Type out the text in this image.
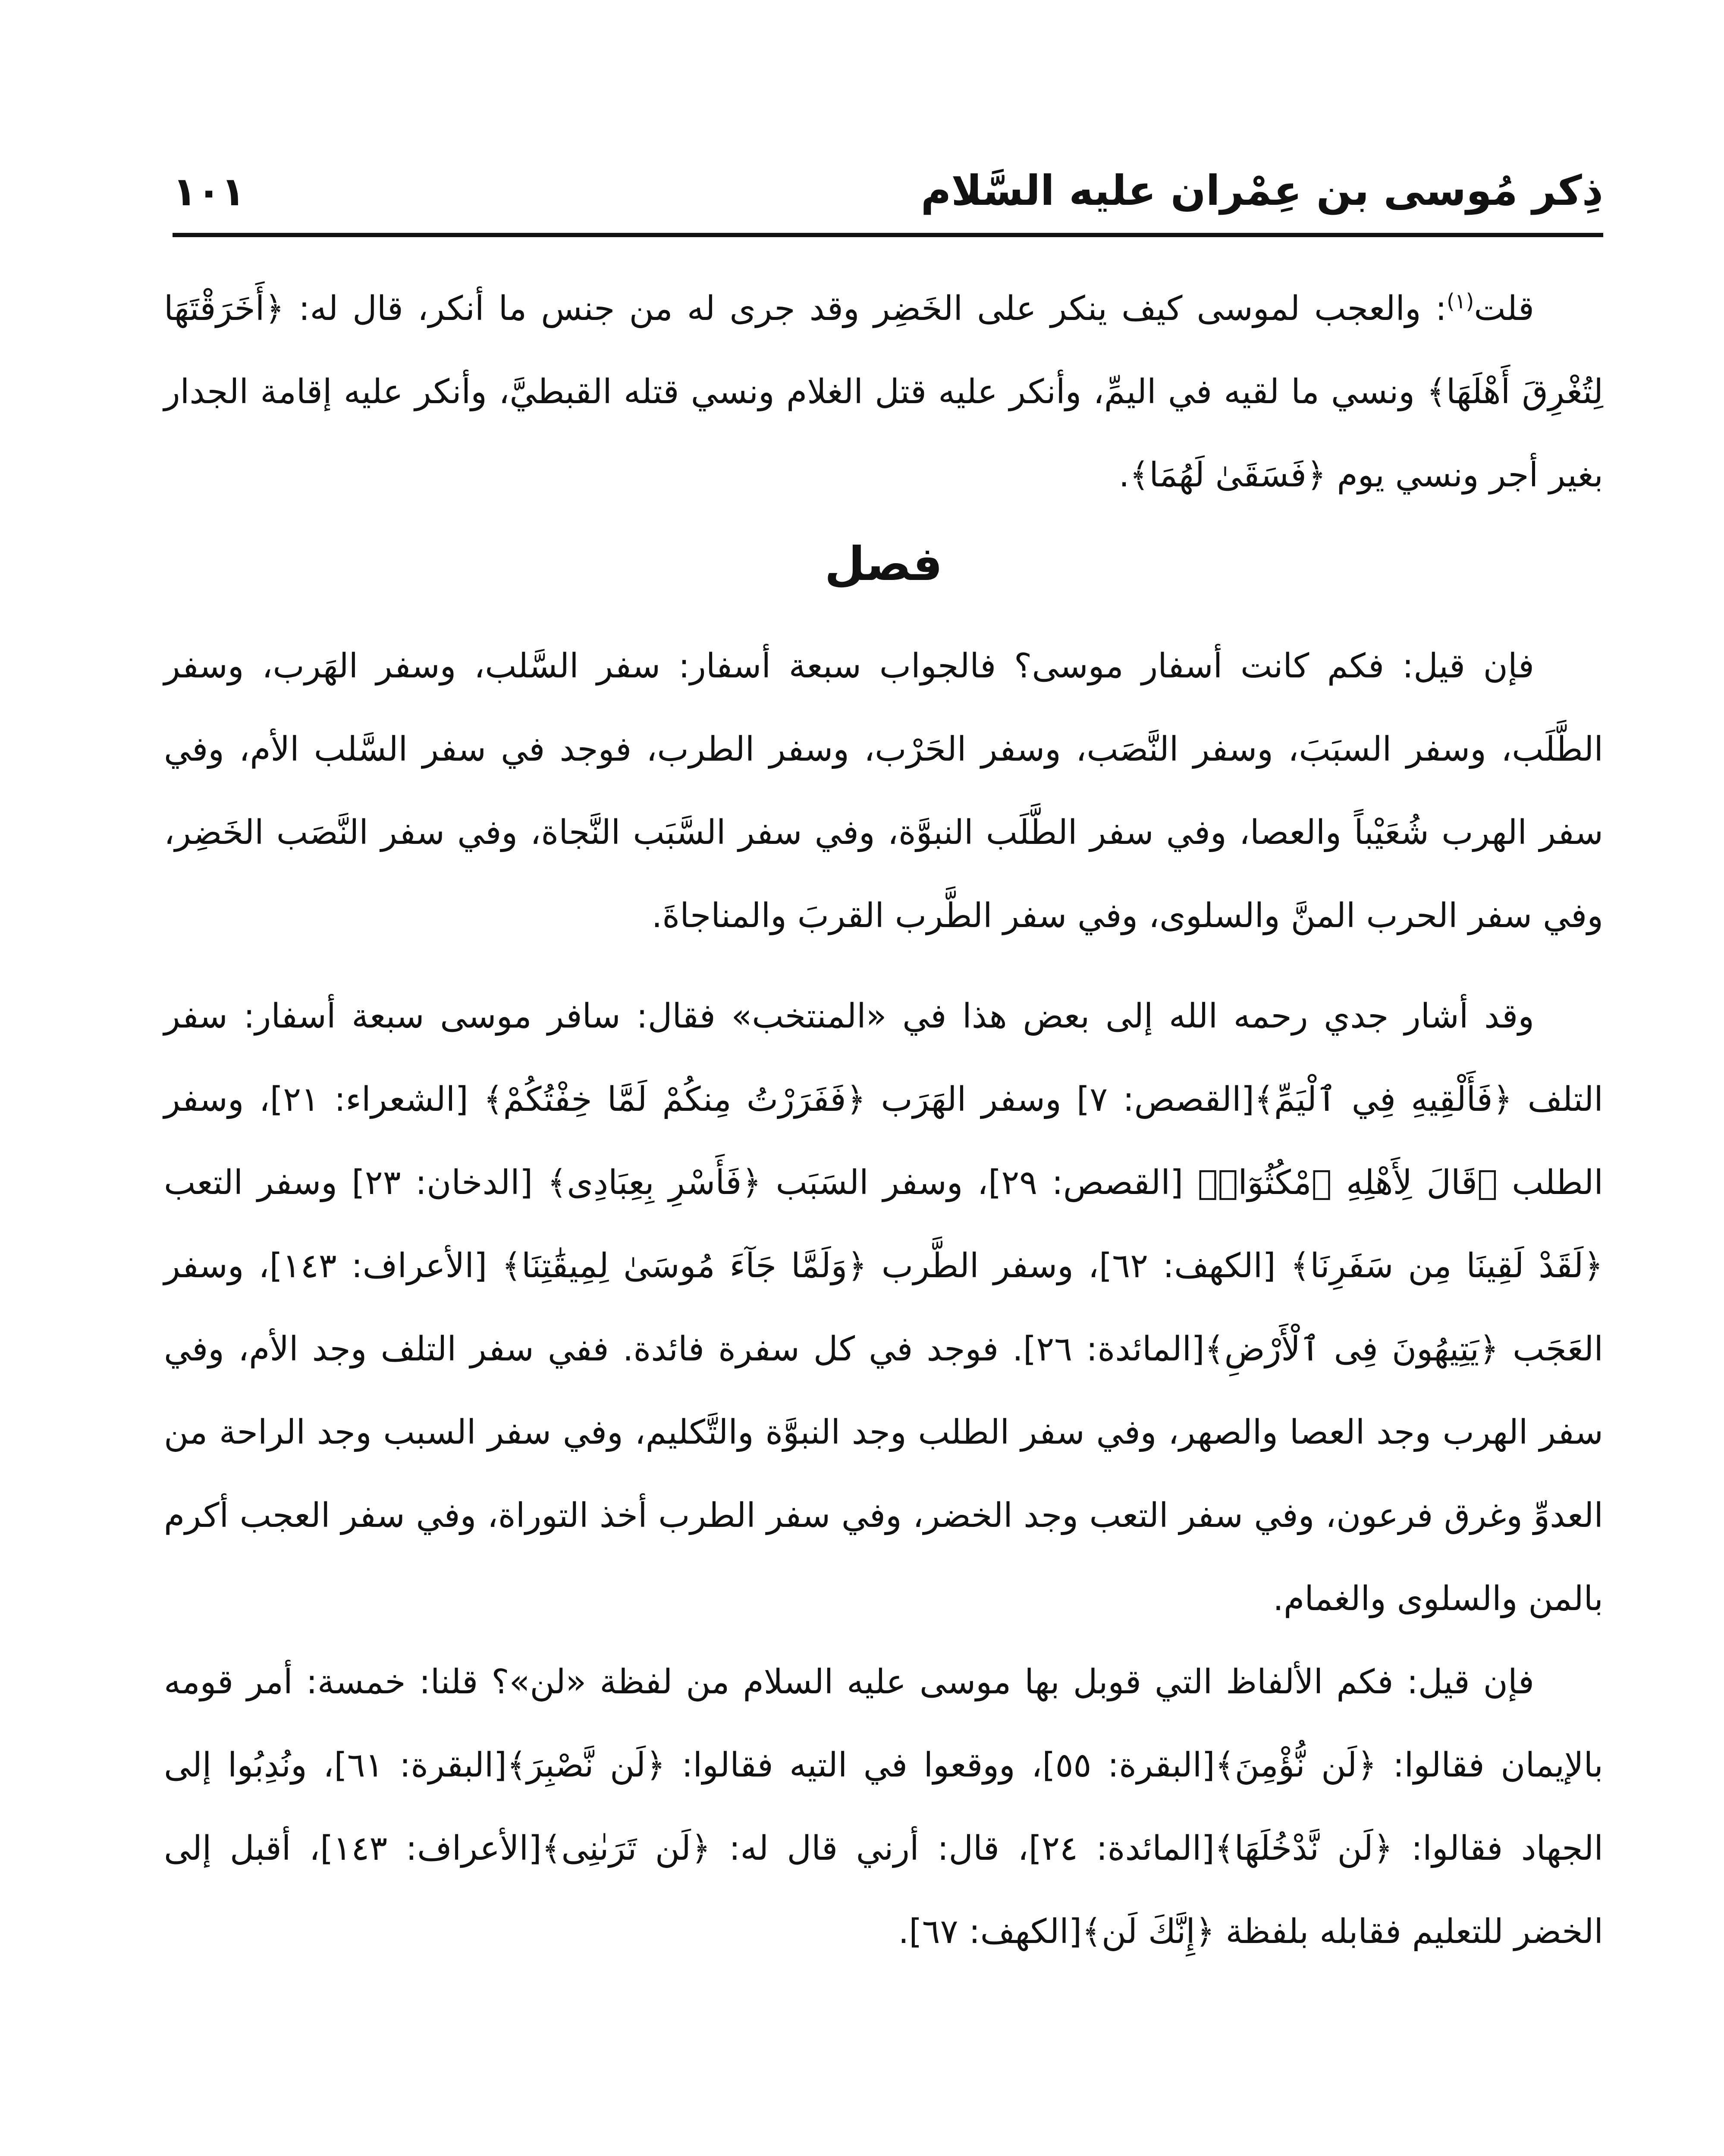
ذِكر مُوسى بن عِمْران عليه السَّلام
١٠١

قلت$^{(١)}$: والعجب لموسى كيف ينكر على الخَضِر وقد جرى له من جنس ما أنكر، قال له: ﴿أَخَرَقْتَهَا لِتُغْرِقَ أَهْلَهَا﴾ ونسي ما لقيه في اليمِّ، وأنكر عليه قتل الغلام ونسي قتله القبطيَّ، وأنكر عليه إقامة الجدار بغير أجر ونسي يوم ﴿فَسَقَىٰ لَهُمَا﴾.

فصل

فإن قيل: فكم كانت أسفار موسى؟ فالجواب سبعة أسفار: سفر السَّلب، وسفر الهَرب، وسفر الطَّلَب، وسفر السبَبَ، وسفر النَّصَب، وسفر الحَرْب، وسفر الطرب، فوجد في سفر السَّلب الأم، وفي سفر الهرب شُعَيْباً والعصا، وفي سفر الطَّلَب النبوَّة، وفي سفر السَّبَب النَّجاة، وفي سفر النَّصَب الخَضِر، وفي سفر الحرب المنَّ والسلوى، وفي سفر الطَّرب القربَ والمناجاةَ.

وقد أشار جدي رحمه الله إلى بعض هذا في «المنتخب» فقال: سافر موسى سبعة أسفار: سفر التلف ﴿فَأَلْقِيهِ فِي ٱلْيَمِّ﴾[القصص: ٧] وسفر الهَرَب ﴿فَفَرَرْتُ مِنكُمْ لَمَّا خِفْتُكُمْ﴾ [الشعراء: ٢١]، وسفر الطلب ﴿قَالَ لِأَهْلِهِ ٱمْكُثُوٓا۟﴾ [القصص: ٢٩]، وسفر السَبَب ﴿فَأَسْرِ بِعِبَادِى﴾ [الدخان: ٢٣] وسفر التعب ﴿لَقَدْ لَقِينَا مِن سَفَرِنَا﴾ [الكهف: ٦٢]، وسفر الطَّرب ﴿وَلَمَّا جَآءَ مُوسَىٰ لِمِيقَٰتِنَا﴾ [الأعراف: ١٤٣]، وسفر العَجَب ﴿يَتِيهُونَ فِى ٱلْأَرْضِ﴾[المائدة: ٢٦]. فوجد في كل سفرة فائدة. ففي سفر التلف وجد الأم، وفي سفر الهرب وجد العصا والصهر، وفي سفر الطلب وجد النبوَّة والتَّكليم، وفي سفر السبب وجد الراحة من العدوِّ وغرق فرعون، وفي سفر التعب وجد الخضر، وفي سفر الطرب أخذ التوراة، وفي سفر العجب أكرم بالمن والسلوى والغمام.

فإن قيل: فكم الألفاظ التي قوبل بها موسى عليه السلام من لفظة «لن»؟ قلنا: خمسة: أمر قومه بالإيمان فقالوا: ﴿لَن نُّؤْمِنَ﴾[البقرة: ٥٥]، ووقعوا في التيه فقالوا: ﴿لَن نَّصْبِرَ﴾[البقرة: ٦١]، ونُدِبُوا إلى الجهاد فقالوا: ﴿لَن نَّدْخُلَهَا﴾[المائدة: ٢٤]، قال: أرني قال له: ﴿لَن تَرَىٰنِى﴾[الأعراف: ١٤٣]، أقبل إلى الخضر للتعليم فقابله بلفظة ﴿إِنَّكَ لَن﴾[الكهف: ٦٧].
